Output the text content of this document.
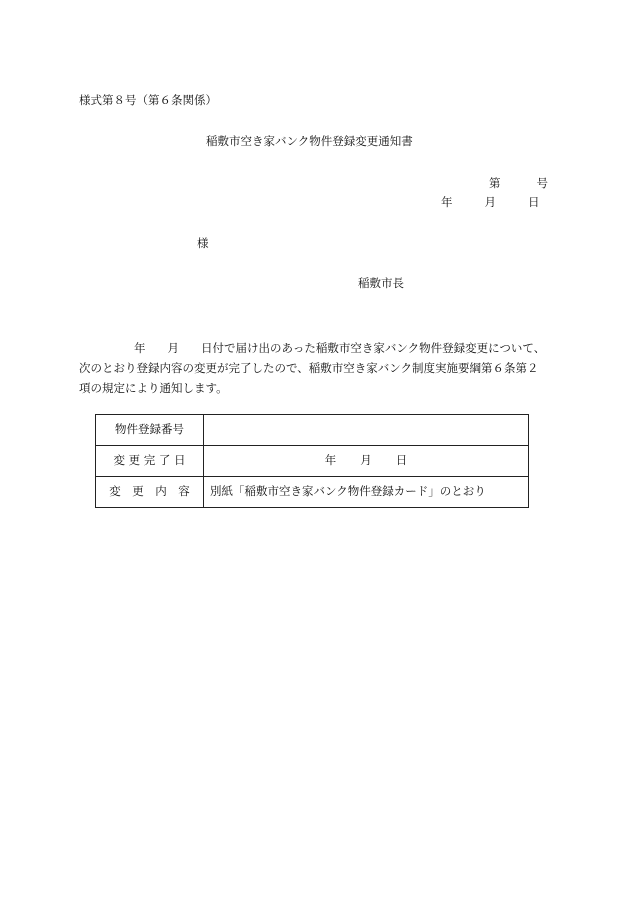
様式第８号（第６条関係）
稲敷市空き家バンク物件登録変更通知書
第	号
年	月	日
様
稲敷市長
年 月 日付で届け出のあった稲敷市空き家バンク物件登録変更について、
次のとおり登録内容の変更が完了したので、稲敷市空き家バンク制度実施要綱第６条第２
項の規定により通知します。
物件登録番号	
変 更 完 了 日	年 月 日
変　更　内　容	別紙「稲敷市空き家バンク物件登録カード」のとおり
